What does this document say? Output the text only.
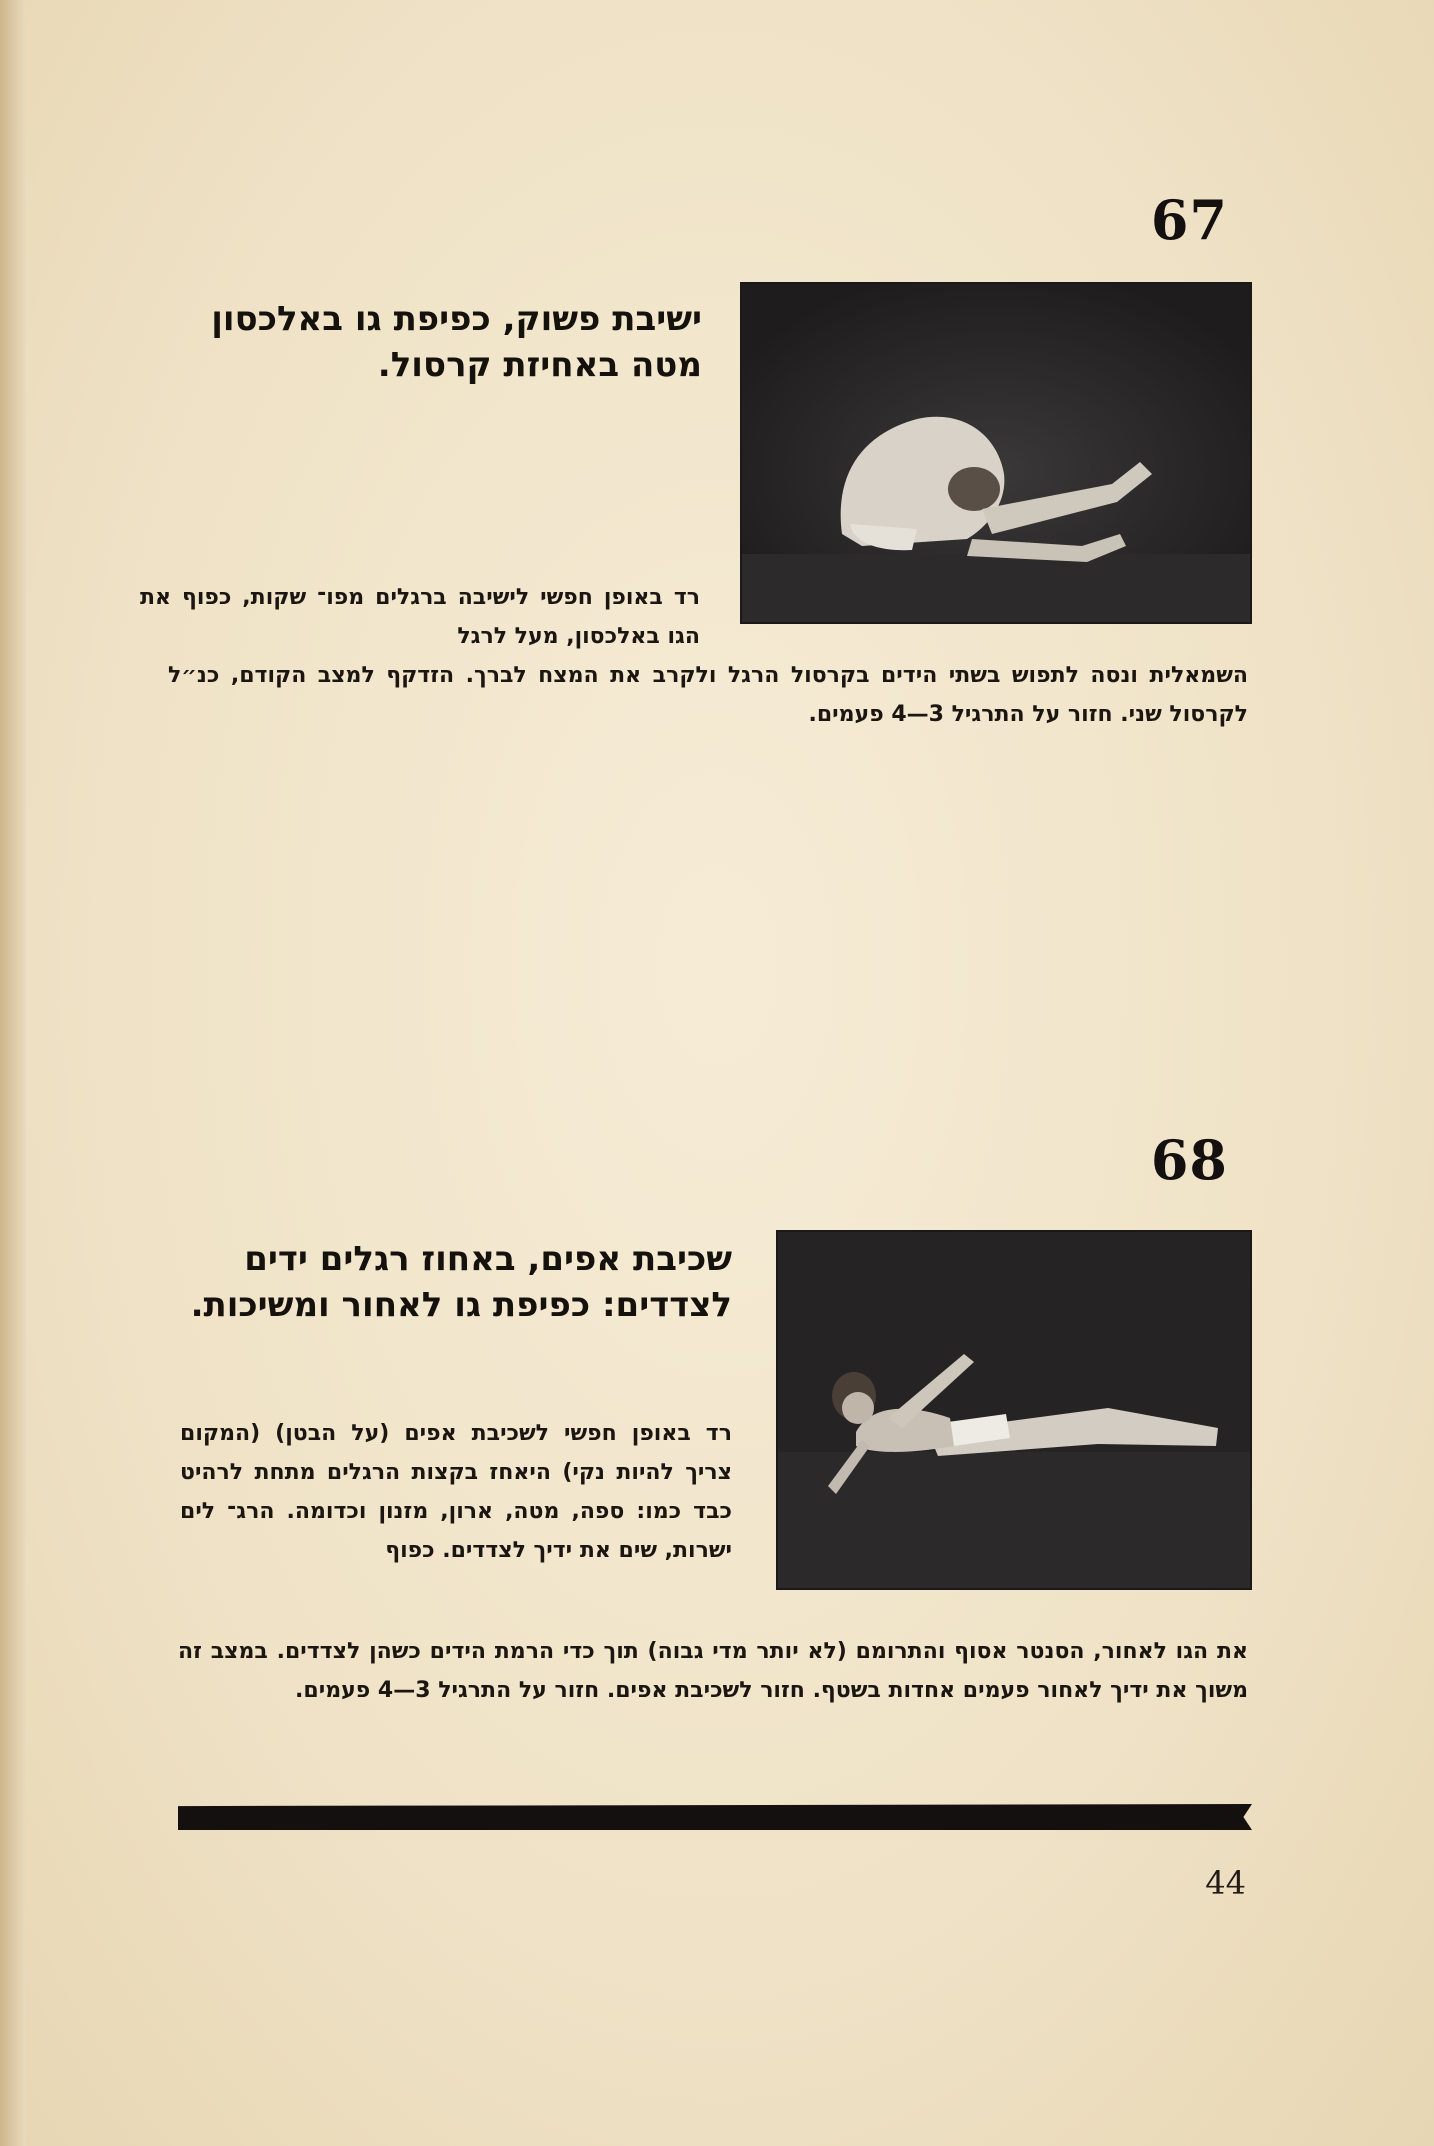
67
ישיבת פשוק, כפיפת גו באלכסון
מטה באחיזת קרסול.
רד באופן חפשי לישיבה ברגלים מפו־ שקות, כפוף את הגו באלכסון, מעל לרגל
השמאלית ונסה לתפוש בשתי הידים בקרסול הרגל ולקרב את המצח לברך. הזדקף למצב הקודם, כנ״ל לקרסול שני. חזור על התרגיל 3—4 פעמים.
68
שכיבת אפים, באחוז רגלים ידים
לצדדים: כפיפת גו לאחור ומשיכות.
רד באופן חפשי לשכיבת אפים (על הבטן) (המקום צריך להיות נקי) היאחז בקצות הרגלים מתחת לרהיט כבד כמו: ספה, מטה, ארון, מזנון וכדומה. הרג־ לים ישרות, שים את ידיך לצדדים. כפוף
את הגו לאחור, הסנטר אסוף והתרומם (לא יותר מדי גבוה) תוך כדי הרמת הידים כשהן לצדדים. במצב זה משוך את ידיך לאחור פעמים אחדות בשטף. חזור לשכיבת אפים. חזור על התרגיל 3—4 פעמים.
44
